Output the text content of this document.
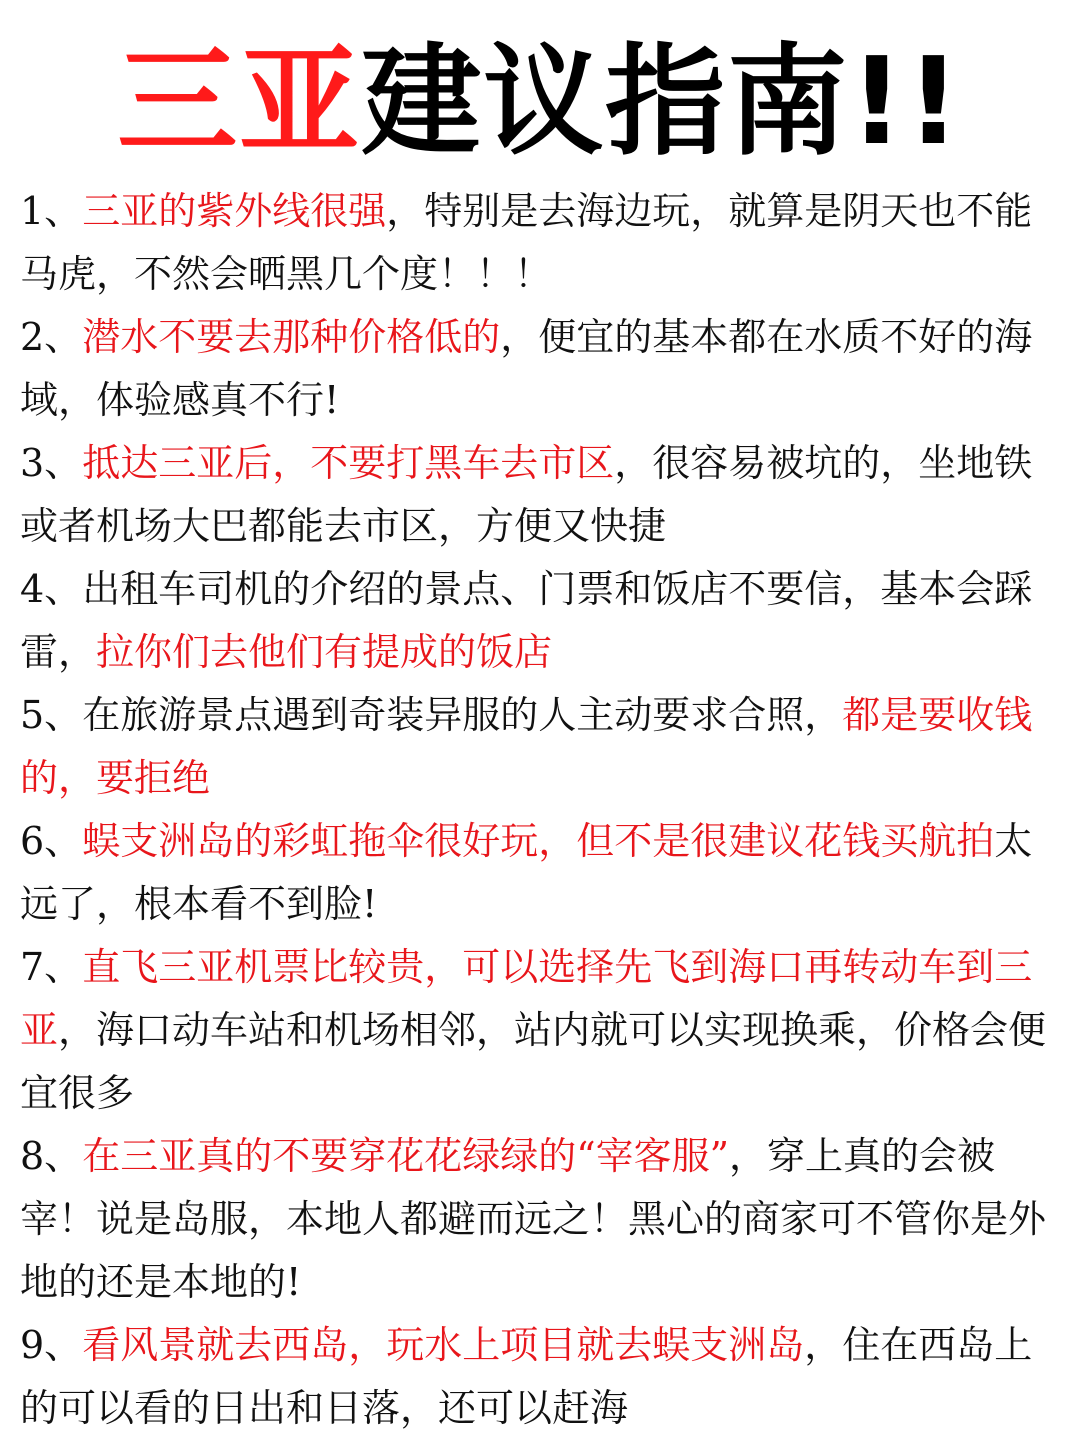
三亚建议指南!!

1、三亚的紫外线很强，特别是去海边玩，就算是阴天也不能马虎，不然会晒黑几个度！！！

2、潜水不要去那种价格低的，便宜的基本都在水质不好的海域，体验感真不行!

3、抵达三亚后，不要打黑车去市区，很容易被坑的，坐地铁或者机场大巴都能去市区，方便又快捷

4、出租车司机的介绍的景点、门票和饭店不要信，基本会踩雷，拉你们去他们有提成的饭店

5、在旅游景点遇到奇装异服的人主动要求合照，都是要收钱的，要拒绝

6、蜈支洲岛的彩虹拖伞很好玩，但不是很建议花钱买航拍太远了，根本看不到脸!

7、直飞三亚机票比较贵，可以选择先飞到海口再转动车到三亚，海口动车站和机场相邻，站内就可以实现换乘，价格会便宜很多

8、在三亚真的不要穿花花绿绿的“宰客服”，穿上真的会被宰！说是岛服，本地人都避而远之！黑心的商家可不管你是外地的还是本地的!

9、看风景就去西岛，玩水上项目就去蜈支洲岛，住在西岛上的可以看的日出和日落，还可以赶海
